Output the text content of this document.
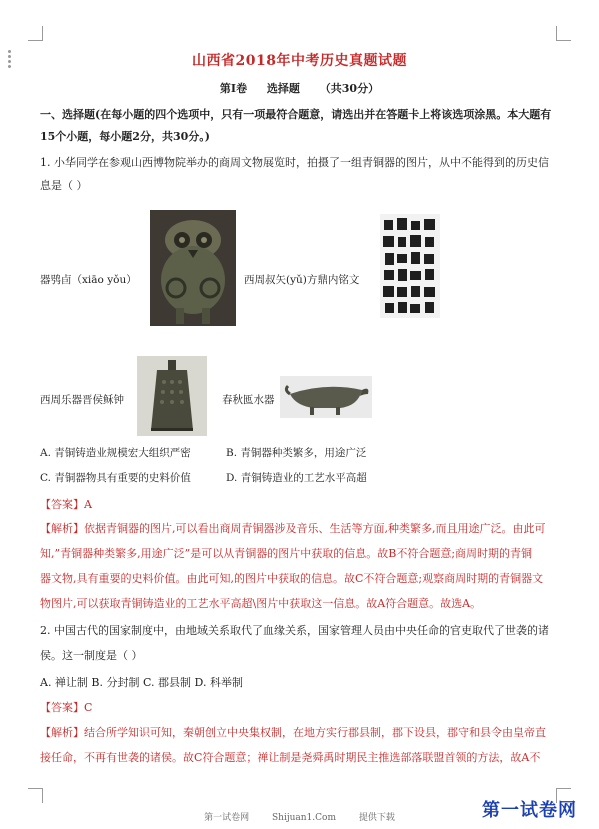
山西省2018年中考历史真题试题
第Ⅰ卷 选择题 （共30分）
一、选择题(在每小题的四个选项中，只有一项最符合题意，请选出并在答题卡上将该选项涂黑。本大题有
15个小题，每小题2分，共30分。)
1. 小华同学在参观山西博物院举办的商周文物展览时，拍摄了一组青铜器的图片，从中不能得到的历史信
息是（ ）
器鸮卣（xiāo yǒu）	西周叔矢(yǔ)方鼎内铭文
西周乐器晋侯稣钟	春秋匜水器
A. 青铜铸造业规模宏大组织严密	B. 青铜器种类繁多，用途广泛
C. 青铜器物具有重要的史料价值	D. 青铜铸造业的工艺水平高超
【答案】A
【解析】依据青铜器的图片,可以看出商周青铜器涉及音乐、生活等方面,种类繁多,而且用途广泛。由此可
知,”青铜器种类繁多,用途广泛”是可以从青铜器的图片中获取的信息。故B不符合题意;商周时期的青铜
器文物,具有重要的史料价值。由此可知,的图片中获取的信息。故C不符合题意;观察商周时期的青铜器文
物图片,可以获取青铜铸造业的工艺水平高超\图片中获取这一信息。故A符合题意。故选A。
2. 中国古代的国家制度中，由地域关系取代了血缘关系，国家管理人员由中央任命的官吏取代了世袭的诸
侯。这一制度是（ ）
A. 禅让制 B. 分封制 C. 郡县制 D. 科举制
【答案】C
【解析】结合所学知识可知，秦朝创立中央集权制，在地方实行郡县制，郡下设县，郡守和县令由皇帝直
接任命，不再有世袭的诸侯。故C符合题意；禅让制是尧舜禹时期民主推选部落联盟首领的方法，故A不
第一试卷网	Shijuan1.Com	提供下载	第一试卷网
